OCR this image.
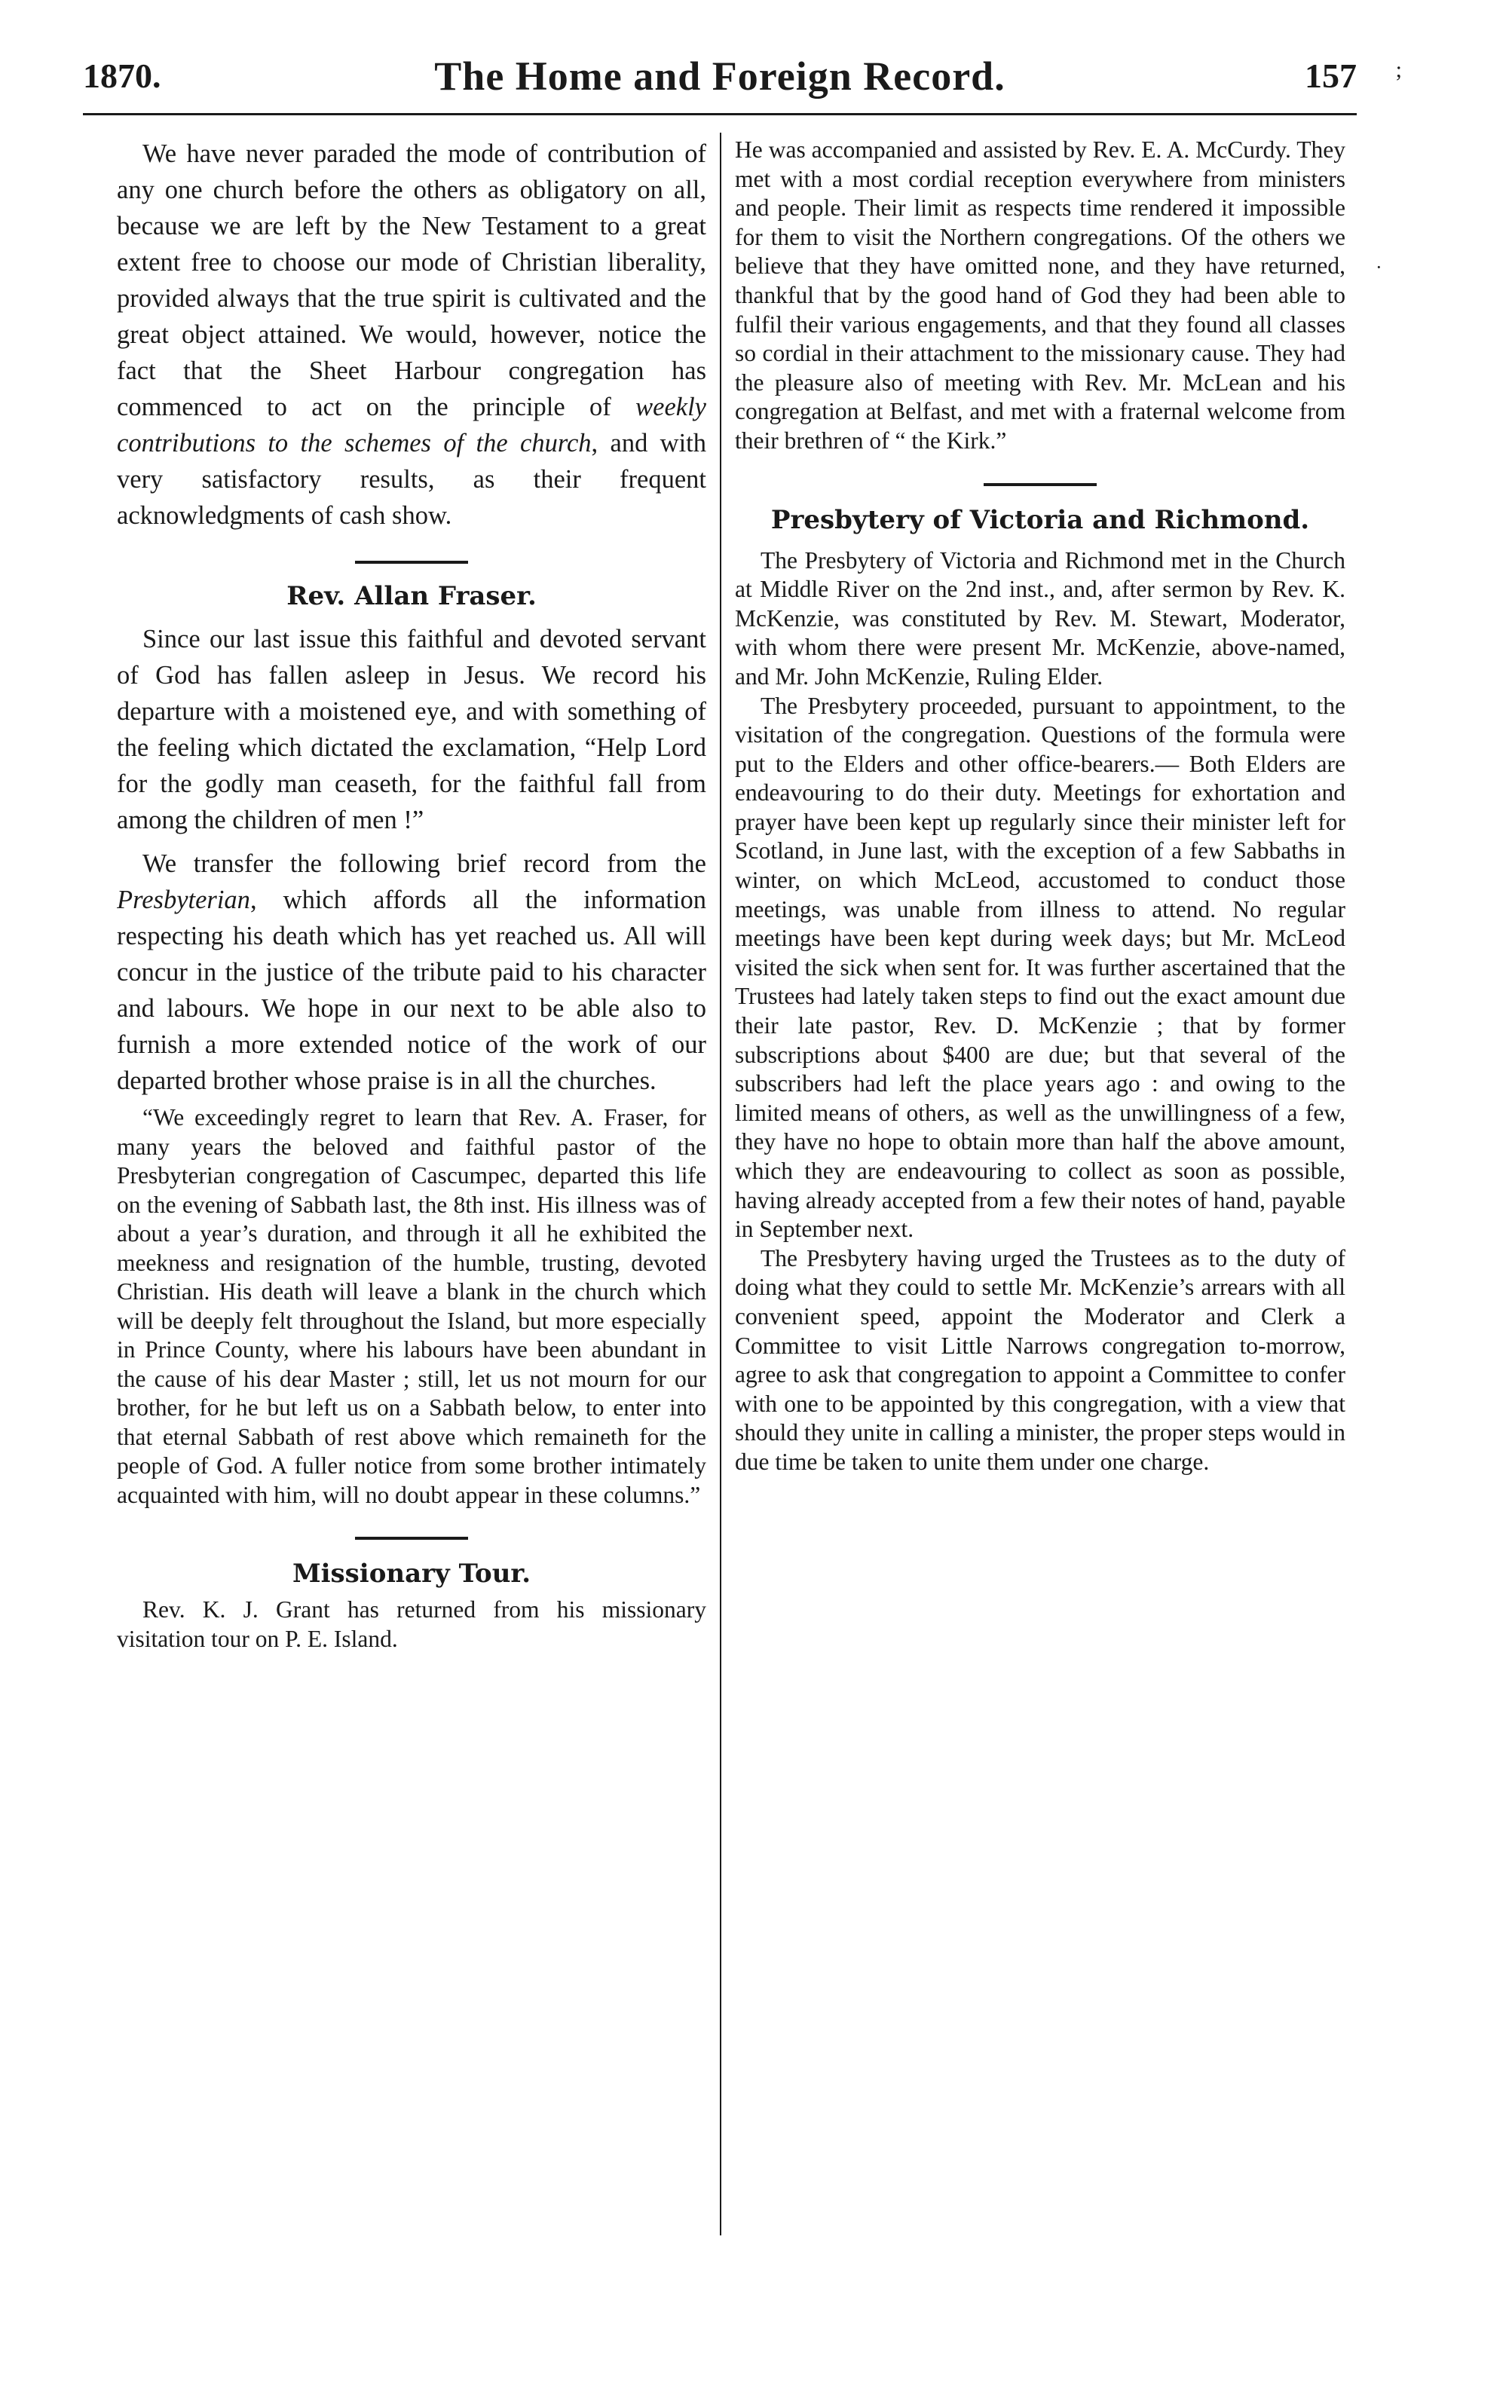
1870.	The Home and Foreign Record.	157 ;
·

We have never paraded the mode of contribution of any one church before the others as obligatory on all, because we are left by the New Testament to a great extent free to choose our mode of Christian liberality, provided always that the true spirit is cultivated and the great object attained. We would, however, notice the fact that the Sheet Harbour congregation has commenced to act on the principle of weekly contributions to the schemes of the church, and with very satisfactory results, as their frequent acknowledgments of cash show.

Rev. Allan Fraser.

Since our last issue this faithful and devoted servant of God has fallen asleep in Jesus. We record his departure with a moistened eye, and with something of the feeling which dictated the exclamation, “Help Lord for the godly man ceaseth, for the faithful fall from among the children of men !”

We transfer the following brief record from the Presbyterian, which affords all the information respecting his death which has yet reached us. All will concur in the justice of the tribute paid to his character and labours. We hope in our next to be able also to furnish a more extended notice of the work of our departed brother whose praise is in all the churches.

“We exceedingly regret to learn that Rev. A. Fraser, for many years the beloved and faithful pastor of the Presbyterian congregation of Cascumpec, departed this life on the evening of Sabbath last, the 8th inst. His illness was of about a year’s duration, and through it all he exhibited the meekness and resignation of the humble, trusting, devoted Christian. His death will leave a blank in the church which will be deeply felt throughout the Island, but more especially in Prince County, where his labours have been abundant in the cause of his dear Master ; still, let us not mourn for our brother, for he but left us on a Sabbath below, to enter into that eternal Sabbath of rest above which remaineth for the people of God. A fuller notice from some brother intimately acquainted with him, will no doubt appear in these columns.”

Missionary Tour.

Rev. K. J. Grant has returned from his missionary visitation tour on P. E. Island.

He was accompanied and assisted by Rev. E. A. McCurdy. They met with a most cordial reception everywhere from ministers and people. Their limit as respects time rendered it impossible for them to visit the Northern congregations. Of the others we believe that they have omitted none, and they have returned, thankful that by the good hand of God they had been able to fulfil their various engagements, and that they found all classes so cordial in their attachment to the missionary cause. They had the pleasure also of meeting with Rev. Mr. McLean and his congregation at Belfast, and met with a fraternal welcome from their brethren of “ the Kirk.”

Presbytery of Victoria and Richmond.

The Presbytery of Victoria and Richmond met in the Church at Middle River on the 2nd inst., and, after sermon by Rev. K. McKenzie, was constituted by Rev. M. Stewart, Moderator, with whom there were present Mr. McKenzie, above-named, and Mr. John McKenzie, Ruling Elder.

The Presbytery proceeded, pursuant to appointment, to the visitation of the congregation. Questions of the formula were put to the Elders and other office-bearers.— Both Elders are endeavouring to do their duty. Meetings for exhortation and prayer have been kept up regularly since their minister left for Scotland, in June last, with the exception of a few Sabbaths in winter, on which McLeod, accustomed to conduct those meetings, was unable from illness to attend. No regular meetings have been kept during week days; but Mr. McLeod visited the sick when sent for. It was further ascertained that the Trustees had lately taken steps to find out the exact amount due their late pastor, Rev. D. McKenzie ; that by former subscriptions about $400 are due; but that several of the subscribers had left the place years ago : and owing to the limited means of others, as well as the unwillingness of a few, they have no hope to obtain more than half the above amount, which they are endeavouring to collect as soon as possible, having already accepted from a few their notes of hand, payable in September next.

The Presbytery having urged the Trustees as to the duty of doing what they could to settle Mr. McKenzie’s arrears with all convenient speed, appoint the Moderator and Clerk a Committee to visit Little Narrows congregation to-morrow, agree to ask that congregation to appoint a Committee to confer with one to be appointed by this congregation, with a view that should they unite in calling a minister, the proper steps would in due time be taken to unite them under one charge.
